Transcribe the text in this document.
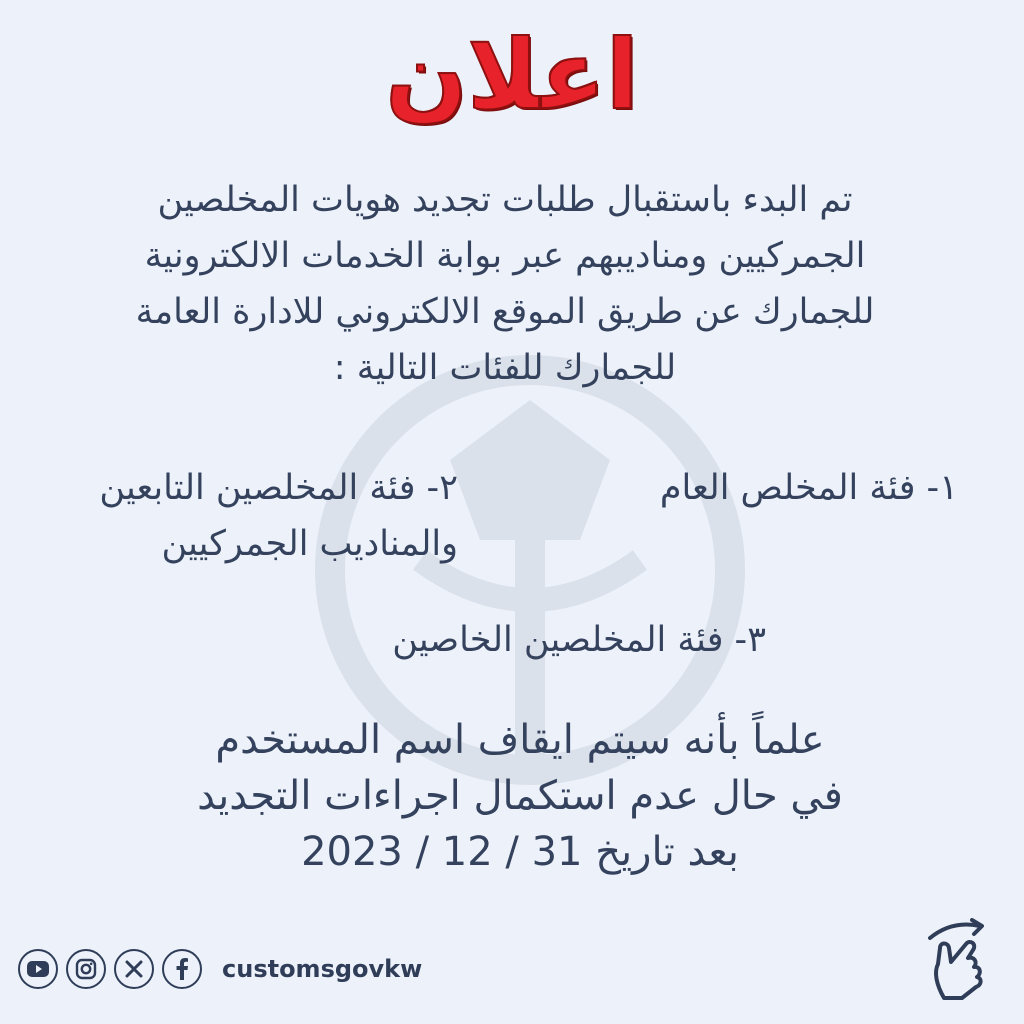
اعلان
تم البدء باستقبال طلبات تجديد هويات المخلصين
الجمركيين ومناديبهم عبر بوابة الخدمات الالكترونية
للجمارك عن طريق الموقع الالكتروني للادارة العامة
للجمارك للفئات التالية :
١- فئة المخلص العام
٢- فئة المخلصين التابعين
والمناديب الجمركيين
٣- فئة المخلصين الخاصين
علماً بأنه سيتم ايقاف اسم المستخدم
في حال عدم استكمال اجراءات التجديد
بعد تاريخ 31 / 12 / 2023
customsgovkw
